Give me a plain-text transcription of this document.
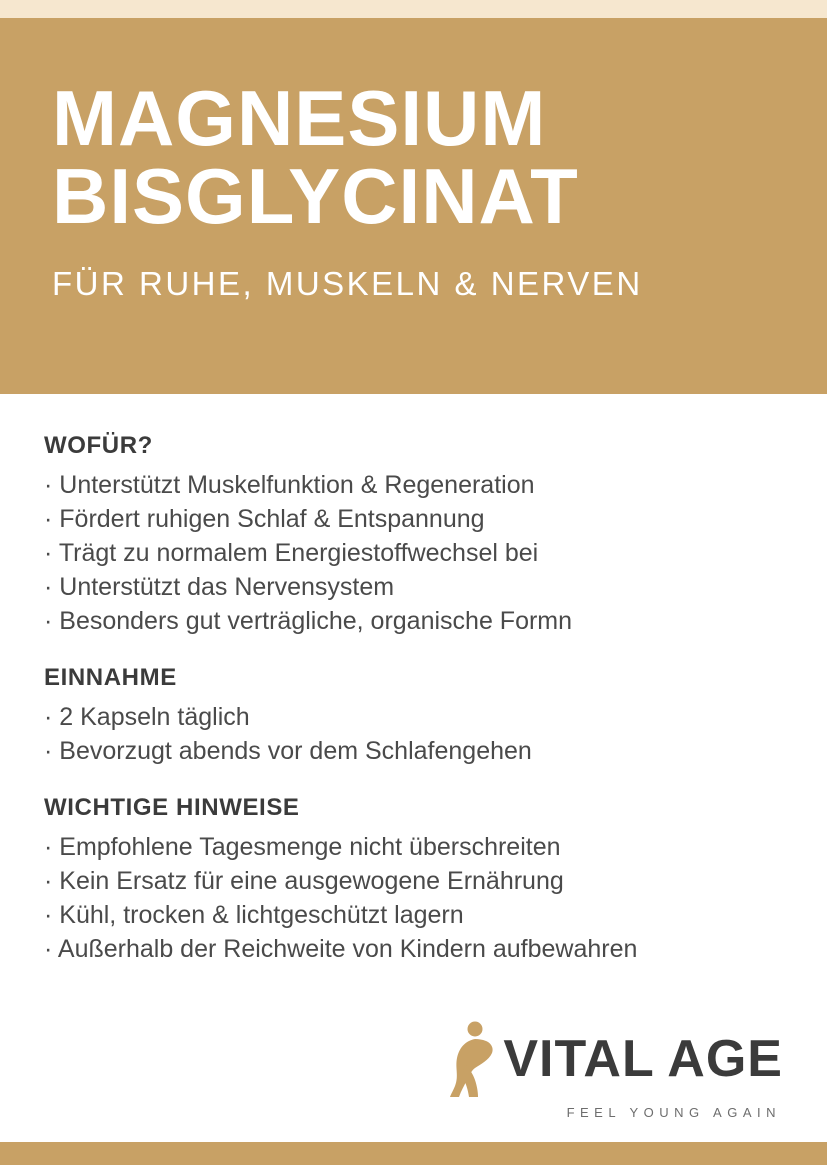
MAGNESIUM
BISGLYCINAT
FÜR RUHE, MUSKELN & NERVEN
WOFÜR?

· Unterstützt Muskelfunktion & Regeneration

· Fördert ruhigen Schlaf & Entspannung

· Trägt zu normalem Energiestoffwechsel bei

· Unterstützt das Nervensystem

· Besonders gut verträgliche, organische Formn

EINNAHME

· 2 Kapseln täglich

· Bevorzugt abends vor dem Schlafengehen

WICHTIGE HINWEISE

· Empfohlene Tagesmenge nicht überschreiten

· Kein Ersatz für eine ausgewogene Ernährung

· Kühl, trocken & lichtgeschützt lagern

· Außerhalb der Reichweite von Kindern aufbewahren

VITAL AGE
FEEL YOUNG AGAIN
